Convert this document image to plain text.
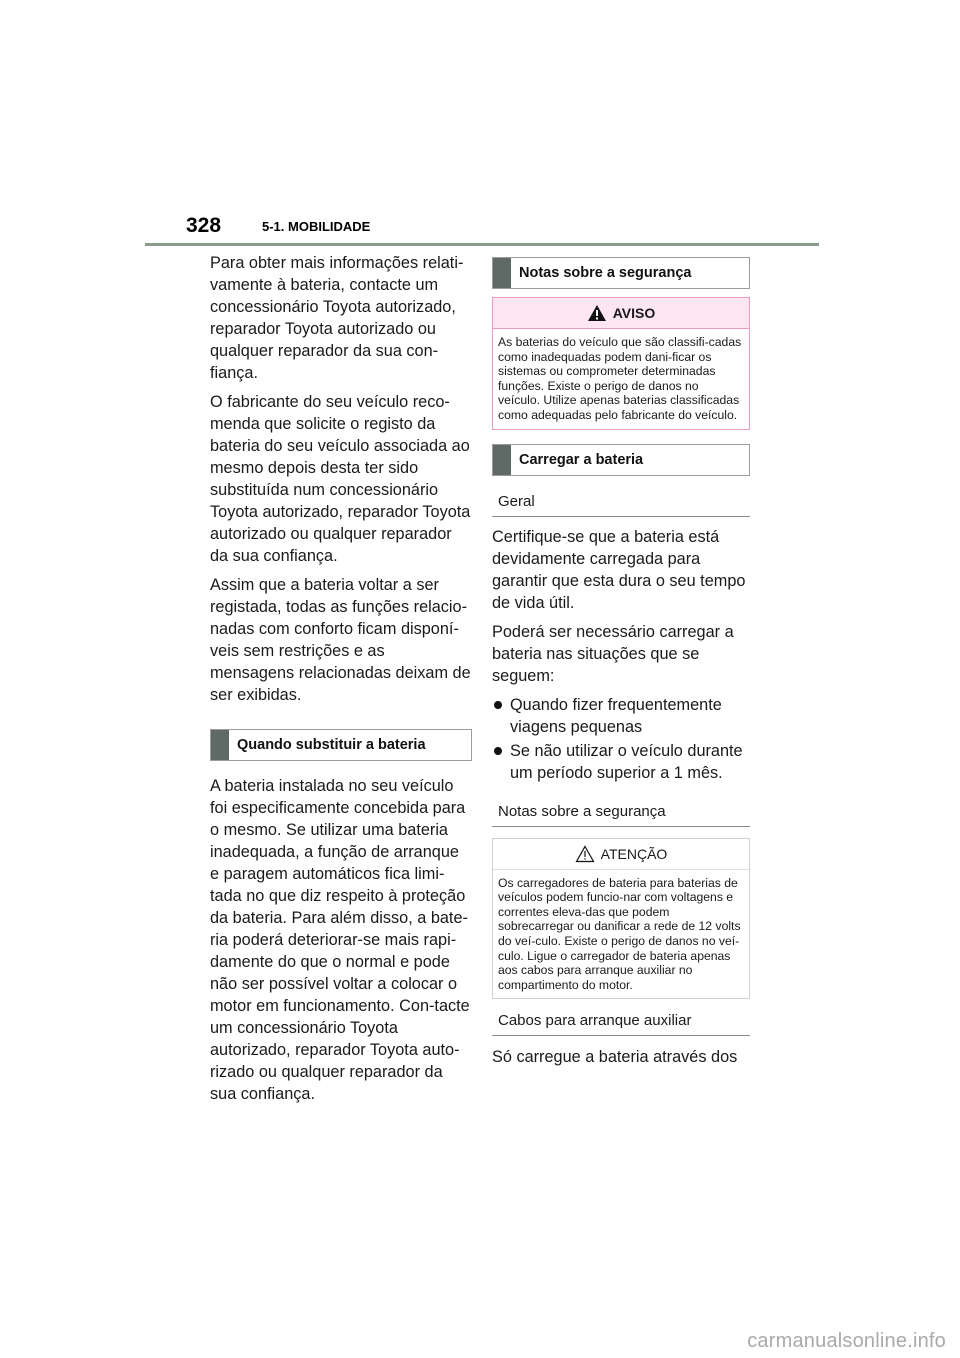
328	5-1. MOBILIDADE

Para obter mais informações relati-vamente à bateria, contacte um concessionário Toyota autorizado, reparador Toyota autorizado ou qualquer reparador da sua con-fiança.

O fabricante do seu veículo reco-menda que solicite o registo da bateria do seu veículo associada ao mesmo depois desta ter sido substituída num concessionário Toyota autorizado, reparador Toyota autorizado ou qualquer reparador da sua confiança.

Assim que a bateria voltar a ser registada, todas as funções relacio-nadas com conforto ficam disponí-veis sem restrições e as mensagens relacionadas deixam de ser exibidas.

Quando substituir a bateria

A bateria instalada no seu veículo foi especificamente concebida para o mesmo. Se utilizar uma bateria inadequada, a função de arranque e paragem automáticos fica limi-tada no que diz respeito à proteção da bateria. Para além disso, a bate-ria poderá deteriorar-se mais rapi-damente do que o normal e pode não ser possível voltar a colocar o motor em funcionamento. Con-tacte um concessionário Toyota autorizado, reparador Toyota auto-rizado ou qualquer reparador da sua confiança.

Notas sobre a segurança
AVISO
As baterias do veículo que são classifi-cadas como inadequadas podem dani-ficar os sistemas ou comprometer determinadas funções. Existe o perigo de danos no veículo. Utilize apenas baterias classificadas como adequadas pelo fabricante do veículo.
Carregar a bateria
Geral

Certifique-se que a bateria está devidamente carregada para garantir que esta dura o seu tempo de vida útil.

Poderá ser necessário carregar a bateria nas situações que se seguem:

Quando fizer frequentemente viagens pequenas
Se não utilizar o veículo durante um período superior a 1 mês.
Notas sobre a segurança
ATENÇÃO
Os carregadores de bateria para baterias de veículos podem funcio-nar com voltagens e correntes eleva-das que podem sobrecarregar ou danificar a rede de 12 volts do veí-culo. Existe o perigo de danos no veí-culo. Ligue o carregador de bateria apenas aos cabos para arranque auxiliar no compartimento do motor.
Cabos para arranque auxiliar

Só carregue a bateria através dos

carmanualsonline.info
